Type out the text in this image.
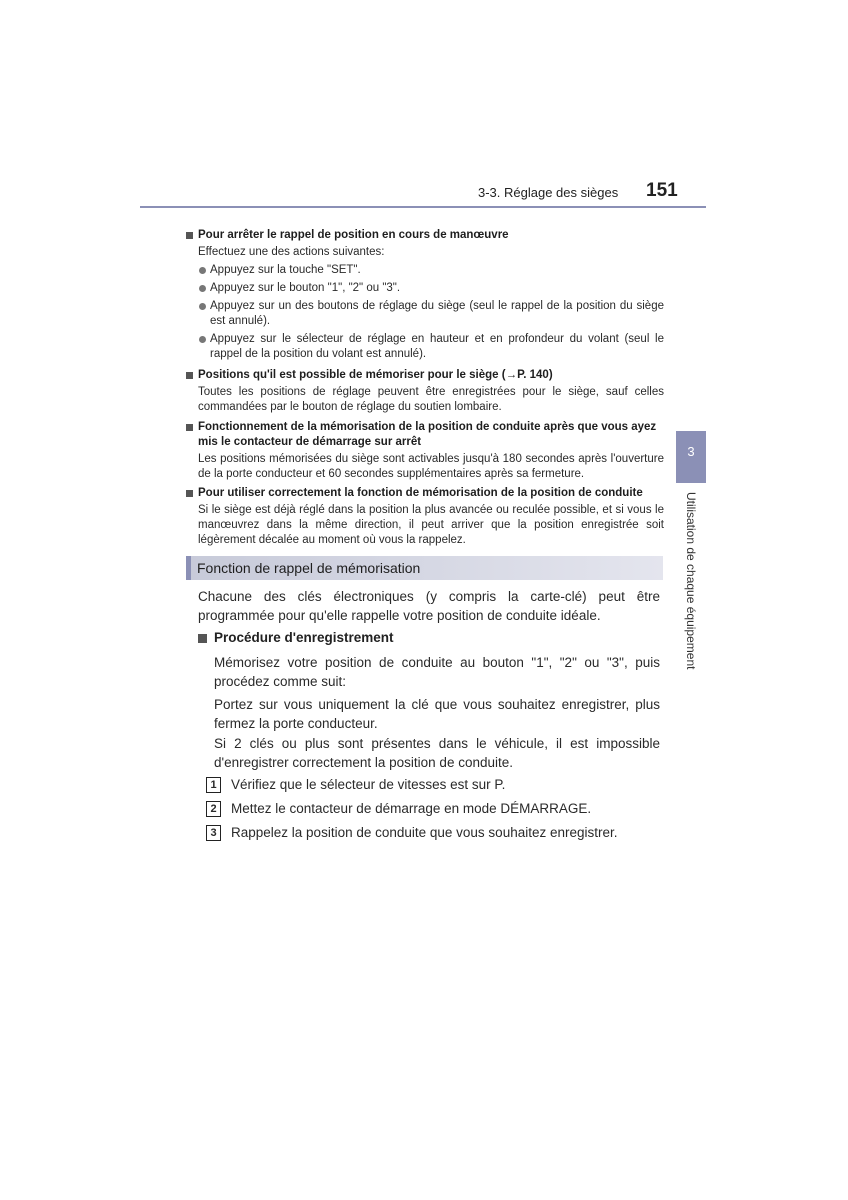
3-3. Réglage des sièges 151
3
Utilisation de chaque équipement
Pour arrêter le rappel de position en cours de manœuvre
Effectuez une des actions suivantes:
Appuyez sur la touche "SET".
Appuyez sur le bouton "1", "2" ou "3".
Appuyez sur un des boutons de réglage du siège (seul le rappel de la position du siège est annulé).
Appuyez sur le sélecteur de réglage en hauteur et en profondeur du volant (seul le rappel de la position du volant est annulé).
Positions qu'il est possible de mémoriser pour le siège (→P. 140)
Toutes les positions de réglage peuvent être enregistrées pour le siège, sauf celles commandées par le bouton de réglage du soutien lombaire.
Fonctionnement de la mémorisation de la position de conduite après que vous ayez mis le contacteur de démarrage sur arrêt
Les positions mémorisées du siège sont activables jusqu'à 180 secondes après l'ouverture de la porte conducteur et 60 secondes supplémentaires après sa fermeture.
Pour utiliser correctement la fonction de mémorisation de la position de conduite
Si le siège est déjà réglé dans la position la plus avancée ou reculée possible, et si vous le manœuvrez dans la même direction, il peut arriver que la position enregistrée soit légèrement décalée au moment où vous la rappelez.
Fonction de rappel de mémorisation
Chacune des clés électroniques (y compris la carte-clé) peut être programmée pour qu'elle rappelle votre position de conduite idéale.
Procédure d'enregistrement
Mémorisez votre position de conduite au bouton "1", "2" ou "3", puis procédez comme suit:
Portez sur vous uniquement la clé que vous souhaitez enregistrer, plus fermez la porte conducteur.
Si 2 clés ou plus sont présentes dans le véhicule, il est impossible d'enregistrer correctement la position de conduite.
1 Vérifiez que le sélecteur de vitesses est sur P.
2 Mettez le contacteur de démarrage en mode DÉMARRAGE.
3 Rappelez la position de conduite que vous souhaitez enregistrer.
